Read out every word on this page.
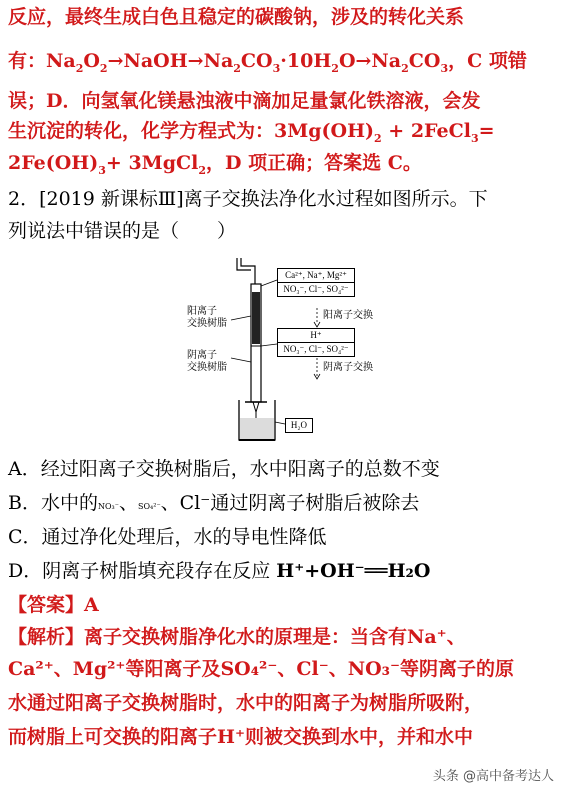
反应，最终生成白色且稳定的碳酸钠，涉及的转化关系
有：$Na_2O_2\to NaOH\to Na_2CO_3\cdot 10H_2O\to Na_2CO_3$，C 项错
误；D．向氢氧化镁悬浊液中滴加足量氯化铁溶液，会发
生沉淀的转化，化学方程式为：$3Mg(OH)_2$ + 2FeCl$_3$=
$2Fe(OH)_3+$ 3MgCl$_2$，D 项正确；答案选 C。
2．[2019 新课标Ⅲ]离子交换法净化水过程如图所示。下
列说法中错误的是（　　）
阳离子
交换树脂
阴离子
交换树脂
Ca²⁺, Na⁺, Mg²⁺
NO₃⁻, Cl⁻, SO₄²⁻
阳离子交换
H⁺
NO₃⁻, Cl⁻, SO₄²⁻
阴离子交换
H₂O
A．经过阳离子交换树脂后，水中阳离子的总数不变
B．水中的NO₃⁻、SO₄²⁻、Cl⁻通过阴离子树脂后被除去
C．通过净化处理后，水的导电性降低
D．阴离子树脂填充段存在反应 H⁺+OH⁻══H₂O
【答案】A
【解析】离子交换树脂净化水的原理是：当含有Na⁺、
Ca²⁺、Mg²⁺等阳离子及SO₄²⁻、Cl⁻、NO₃⁻等阴离子的原
水通过阳离子交换树脂时，水中的阳离子为树脂所吸附，
而树脂上可交换的阳离子H⁺则被交换到水中，并和水中
头条 @高中备考达人
